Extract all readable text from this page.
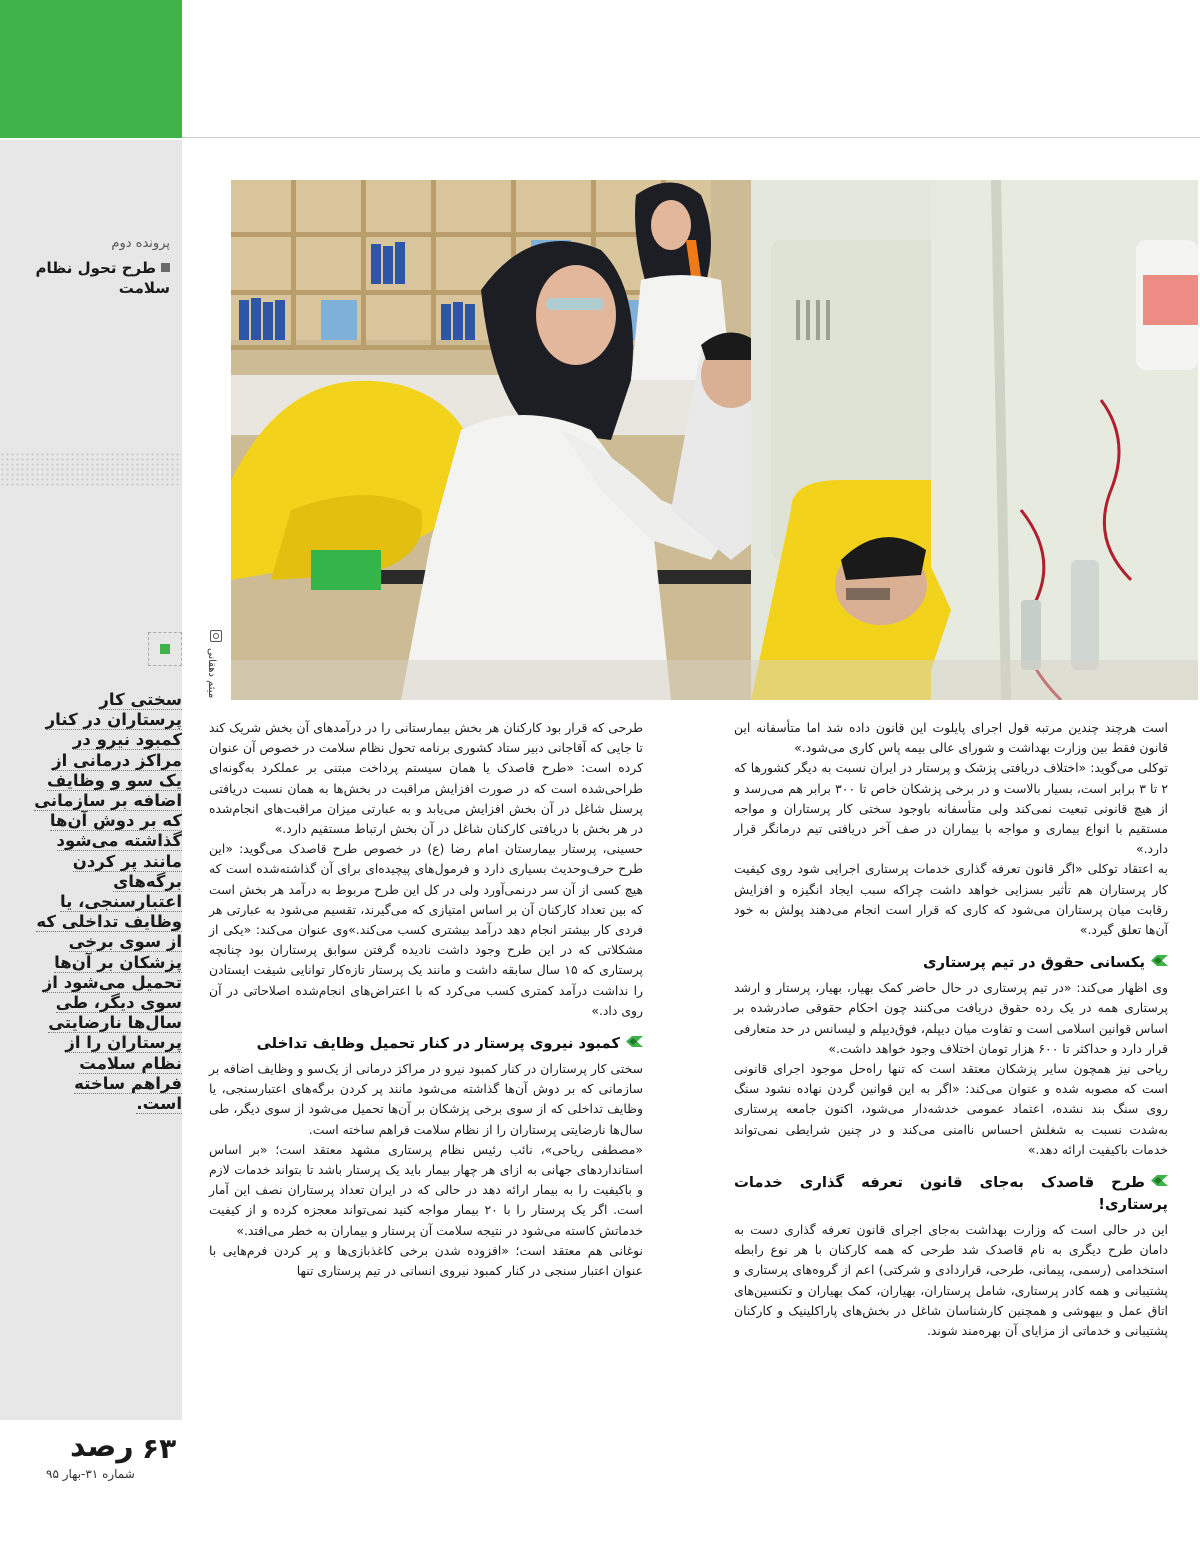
پرونده دوم
طرح تحول نظام سلامت
سختی کار پرستاران در کنار کمبود نیرو در مراکز درمانی از یک سو و وظایف اضافه بر سازمانی که بر دوش آن‌ها گذاشته می‌شود مانند پر کردن برگه‌های اعتبارسنجی، یا وظایف تداخلی که از سوی برخی پزشکان بر آن‌ها تحمیل می‌شود از سوی دیگر، طی سال‌ها نارضایتی پرستاران را از نظام سلامت فراهم ساخته است.
میثم دهقانی

است هرچند چندین مرتبه قول اجرای پایلوت این قانون داده شد اما متأسفانه این قانون فقط بین وزارت بهداشت و شورای عالی بیمه پاس کاری می‌شود.»

توکلی می‌گوید: «اختلاف دریافتی پزشک و پرستار در ایران نسبت به دیگر کشورها که ۲ تا ۳ برابر است، بسیار بالاست و در برخی پزشکان خاص تا ۳۰۰ برابر هم می‌رسد و از هیچ قانونی تبعیت نمی‌کند ولی متأسفانه باوجود سختی کار پرستاران و مواجه مستقیم با انواع بیماری و مواجه با بیماران در صف آخر دریافتی تیم درمانگر قرار دارد.»

به اعتقاد توکلی «اگر قانون تعرفه گذاری خدمات پرستاری اجرایی شود روی کیفیت کار پرستاران هم تأثیر بسزایی خواهد داشت چراکه سبب ایجاد انگیزه و افزایش رقابت میان پرستاران می‌شود که کاری که قرار است انجام می‌دهند پولش به خود آن‌ها تعلق گیرد.»

یکسانی حقوق در تیم پرستاری

وی اظهار می‌کند: «در تیم پرستاری در حال حاضر کمک بهیار، بهیار، پرستار و ارشد پرستاری همه در یک رده حقوق دریافت می‌کنند چون احکام حقوقی صادرشده بر اساس قوانین اسلامی است و تفاوت میان دیپلم، فوق‌دیپلم و لیسانس در حد متعارفی قرار دارد و حداکثر تا ۶۰۰ هزار تومان اختلاف وجود خواهد داشت.»

ریاحی نیز همچون سایر پزشکان معتقد است که تنها راه‌حل موجود اجرای قانونی است که مصوبه شده و عنوان می‌کند: «اگر به این قوانین گردن نهاده نشود سنگ روی سنگ بند نشده، اعتماد عمومی خدشه‌دار می‌شود، اکنون جامعه پرستاری به‌شدت نسبت به شغلش احساس ناامنی می‌کند و در چنین شرایطی نمی‌تواند خدمات باکیفیت ارائه دهد.»

طرح قاصدک به‌جای قانون تعرفه گذاری خدمات پرستاری!

این در حالی است که وزارت بهداشت به‌جای اجرای قانون تعرفه گذاری دست به دامان طرح دیگری به نام قاصدک شد طرحی که همه کارکنان با هر نوع رابطه استخدامی (رسمی، پیمانی، طرحی، قراردادی و شرکتی) اعم از گروه‌های پرستاری و پشتیبانی و همه کادر پرستاری، شامل پرستاران، بهیاران، کمک بهیاران و تکنسین‌های اتاق عمل و بیهوشی و همچنین کارشناسان شاغل در بخش‌های پاراکلینیک و کارکنان پشتیبانی و خدماتی از مزایای آن بهره‌مند شوند.

طرحی که قرار بود کارکنان هر بخش بیمارستانی را در درآمدهای آن بخش شریک کند تا جایی که آقاجانی دبیر ستاد کشوری برنامه تحول نظام سلامت در خصوص آن عنوان کرده است: «طرح قاصدک یا همان سیستم پرداخت مبتنی بر عملکرد به‌گونه‌ای طراحی‌شده است که در صورت افزایش مراقبت در بخش‌ها به همان نسبت دریافتی پرسنل شاغل در آن بخش افزایش می‌یابد و به عبارتی میزان مراقبت‌های انجام‌شده در هر بخش با دریافتی کارکنان شاغل در آن بخش ارتباط مستقیم دارد.»

حسینی، پرستار بیمارستان امام رضا (ع) در خصوص طرح قاصدک می‌گوید: «این طرح حرف‌وحدیث بسیاری دارد و فرمول‌های پیچیده‌ای برای آن گذاشته‌شده است که هیچ کسی از آن سر درنمی‌آورد ولی در کل این طرح مربوط به درآمد هر بخش است که بین تعداد کارکنان آن بر اساس امتیازی که می‌گیرند، تقسیم می‌شود به عبارتی هر فردی کار بیشتر انجام دهد درآمد بیشتری کسب می‌کند.»وی عنوان می‌کند: «یکی از مشکلاتی که در این طرح وجود داشت نادیده گرفتن سوابق پرستاران بود چنانچه پرستاری که ۱۵ سال سابقه داشت و مانند یک پرستار تازه‌کار توانایی شیفت ایستادن را نداشت درآمد کمتری کسب می‌کرد که با اعتراض‌های انجام‌شده اصلاحاتی در آن روی داد.»

کمبود نیروی پرستار در کنار تحمیل وظایف تداخلی

سختی کار پرستاران در کنار کمبود نیرو در مراکز درمانی از یک‌سو و وظایف اضافه بر سازمانی که بر دوش آن‌ها گذاشته می‌شود مانند پر کردن برگه‌های اعتبارسنجی، یا وظایف تداخلی که از سوی برخی پزشکان بر آن‌ها تحمیل می‌شود از سوی دیگر، طی سال‌ها نارضایتی پرستاران را از نظام سلامت فراهم ساخته است.

«مصطفی ریاحی»، نائب رئیس نظام پرستاری مشهد معتقد است؛ «بر اساس استانداردهای جهانی به ازای هر چهار بیمار باید یک پرستار باشد تا بتواند خدمات لازم و باکیفیت را به بیمار ارائه دهد در حالی که در ایران تعداد پرستاران نصف این آمار است. اگر یک پرستار را با ۲۰ بیمار مواجه کنید نمی‌تواند معجزه کرده و از کیفیت خدماتش کاسته می‌شود در نتیجه سلامت آن پرستار و بیماران به خطر می‌افتد.»

نوغانی هم معتقد است؛ «افزوده شدن برخی کاغذبازی‌ها و پر کردن فرم‌هایی با عنوان اعتبار سنجی در کنار کمبود نیروی انسانی در تیم پرستاری تنها

۶۳
رصد
شماره ۳۱-بهار ۹۵
